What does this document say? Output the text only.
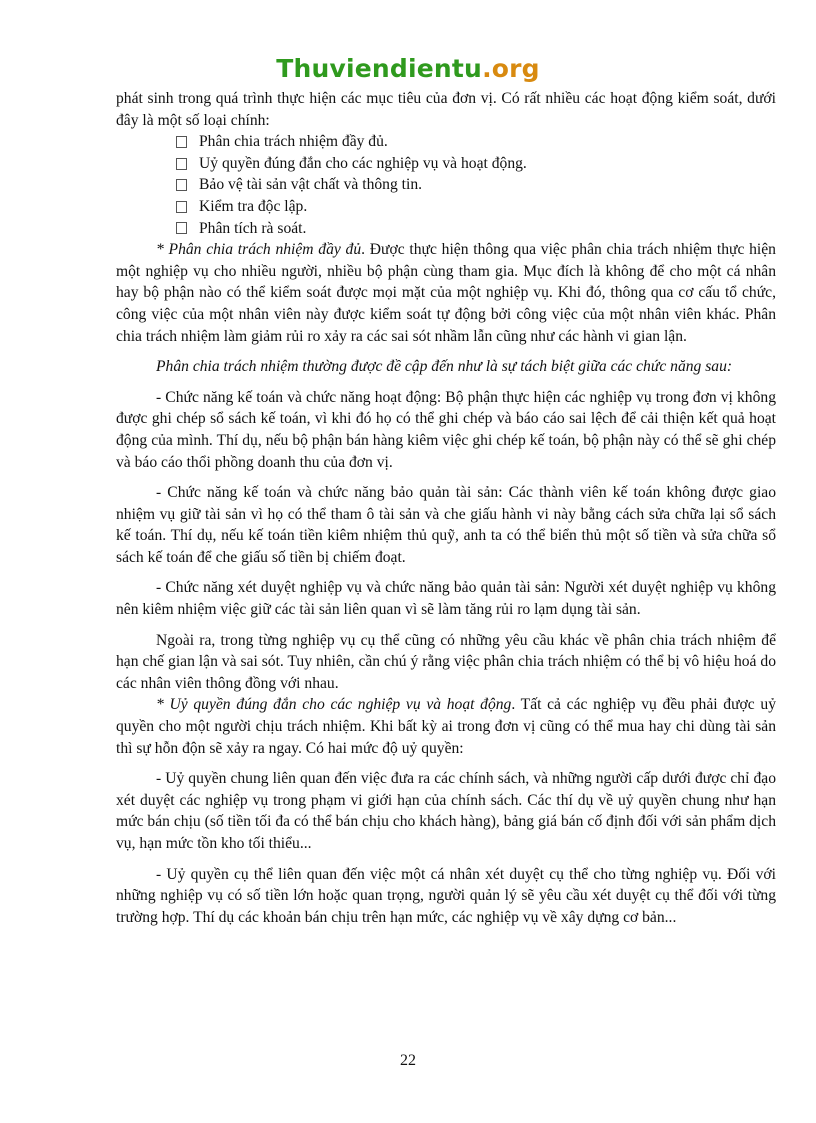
Thuviendientu.org

phát sinh trong quá trình thực hiện các mục tiêu của đơn vị. Có rất nhiều các hoạt động kiểm soát, dưới đây là một số loại chính:

Phân chia trách nhiệm đầy đủ.
Uỷ quyền đúng đắn cho các nghiệp vụ và hoạt động.
Bảo vệ tài sản vật chất và thông tin.
Kiểm tra độc lập.
Phân tích rà soát.

* Phân chia trách nhiệm đầy đủ. Được thực hiện thông qua việc phân chia trách nhiệm thực hiện một nghiệp vụ cho nhiều người, nhiều bộ phận cùng tham gia. Mục đích là không để cho một cá nhân hay bộ phận nào có thể kiểm soát được mọi mặt của một nghiệp vụ. Khi đó, thông qua cơ cấu tổ chức, công việc của một nhân viên này được kiểm soát tự động bởi công việc của một nhân viên khác. Phân chia trách nhiệm làm giảm rủi ro xảy ra các sai sót nhầm lẫn cũng như các hành vi gian lận.

Phân chia trách nhiệm thường được đề cập đến như là sự tách biệt giữa các chức năng sau:

- Chức năng kế toán và chức năng hoạt động: Bộ phận thực hiện các nghiệp vụ trong đơn vị không được ghi chép sổ sách kế toán, vì khi đó họ có thể ghi chép và báo cáo sai lệch để cải thiện kết quả hoạt động của mình. Thí dụ, nếu bộ phận bán hàng kiêm việc ghi chép kế toán, bộ phận này có thể sẽ ghi chép và báo cáo thổi phồng doanh thu của đơn vị.

- Chức năng kế toán và chức năng bảo quản tài sản: Các thành viên kế toán không được giao nhiệm vụ giữ tài sản vì họ có thể tham ô tài sản và che giấu hành vi này bằng cách sửa chữa lại sổ sách kế toán. Thí dụ, nếu kế toán tiền kiêm nhiệm thủ quỹ, anh ta có thể biển thủ một số tiền và sửa chữa sổ sách kế toán để che giấu số tiền bị chiếm đoạt.

- Chức năng xét duyệt nghiệp vụ và chức năng bảo quản tài sản: Người xét duyệt nghiệp vụ không nên kiêm nhiệm việc giữ các tài sản liên quan vì sẽ làm tăng rủi ro lạm dụng tài sản.

Ngoài ra, trong từng nghiệp vụ cụ thể cũng có những yêu cầu khác về phân chia trách nhiệm để hạn chế gian lận và sai sót. Tuy nhiên, cần chú ý rằng việc phân chia trách nhiệm có thể bị vô hiệu hoá do các nhân viên thông đồng với nhau.

* Uỷ quyền đúng đắn cho các nghiệp vụ và hoạt động. Tất cả các nghiệp vụ đều phải được uỷ quyền cho một người chịu trách nhiệm. Khi bất kỳ ai trong đơn vị cũng có thể mua hay chi dùng tài sản thì sự hỗn độn sẽ xảy ra ngay. Có hai mức độ uỷ quyền:

- Uỷ quyền chung liên quan đến việc đưa ra các chính sách, và những người cấp dưới được chỉ đạo xét duyệt các nghiệp vụ trong phạm vi giới hạn của chính sách. Các thí dụ về uỷ quyền chung như hạn mức bán chịu (số tiền tối đa có thể bán chịu cho khách hàng), bảng giá bán cố định đối với sản phẩm dịch vụ, hạn mức tồn kho tối thiểu...

- Uỷ quyền cụ thể liên quan đến việc một cá nhân xét duyệt cụ thể cho từng nghiệp vụ. Đối với những nghiệp vụ có số tiền lớn hoặc quan trọng, người quản lý sẽ yêu cầu xét duyệt cụ thể đối với từng trường hợp. Thí dụ các khoản bán chịu trên hạn mức, các nghiệp vụ về xây dựng cơ bản...

22
